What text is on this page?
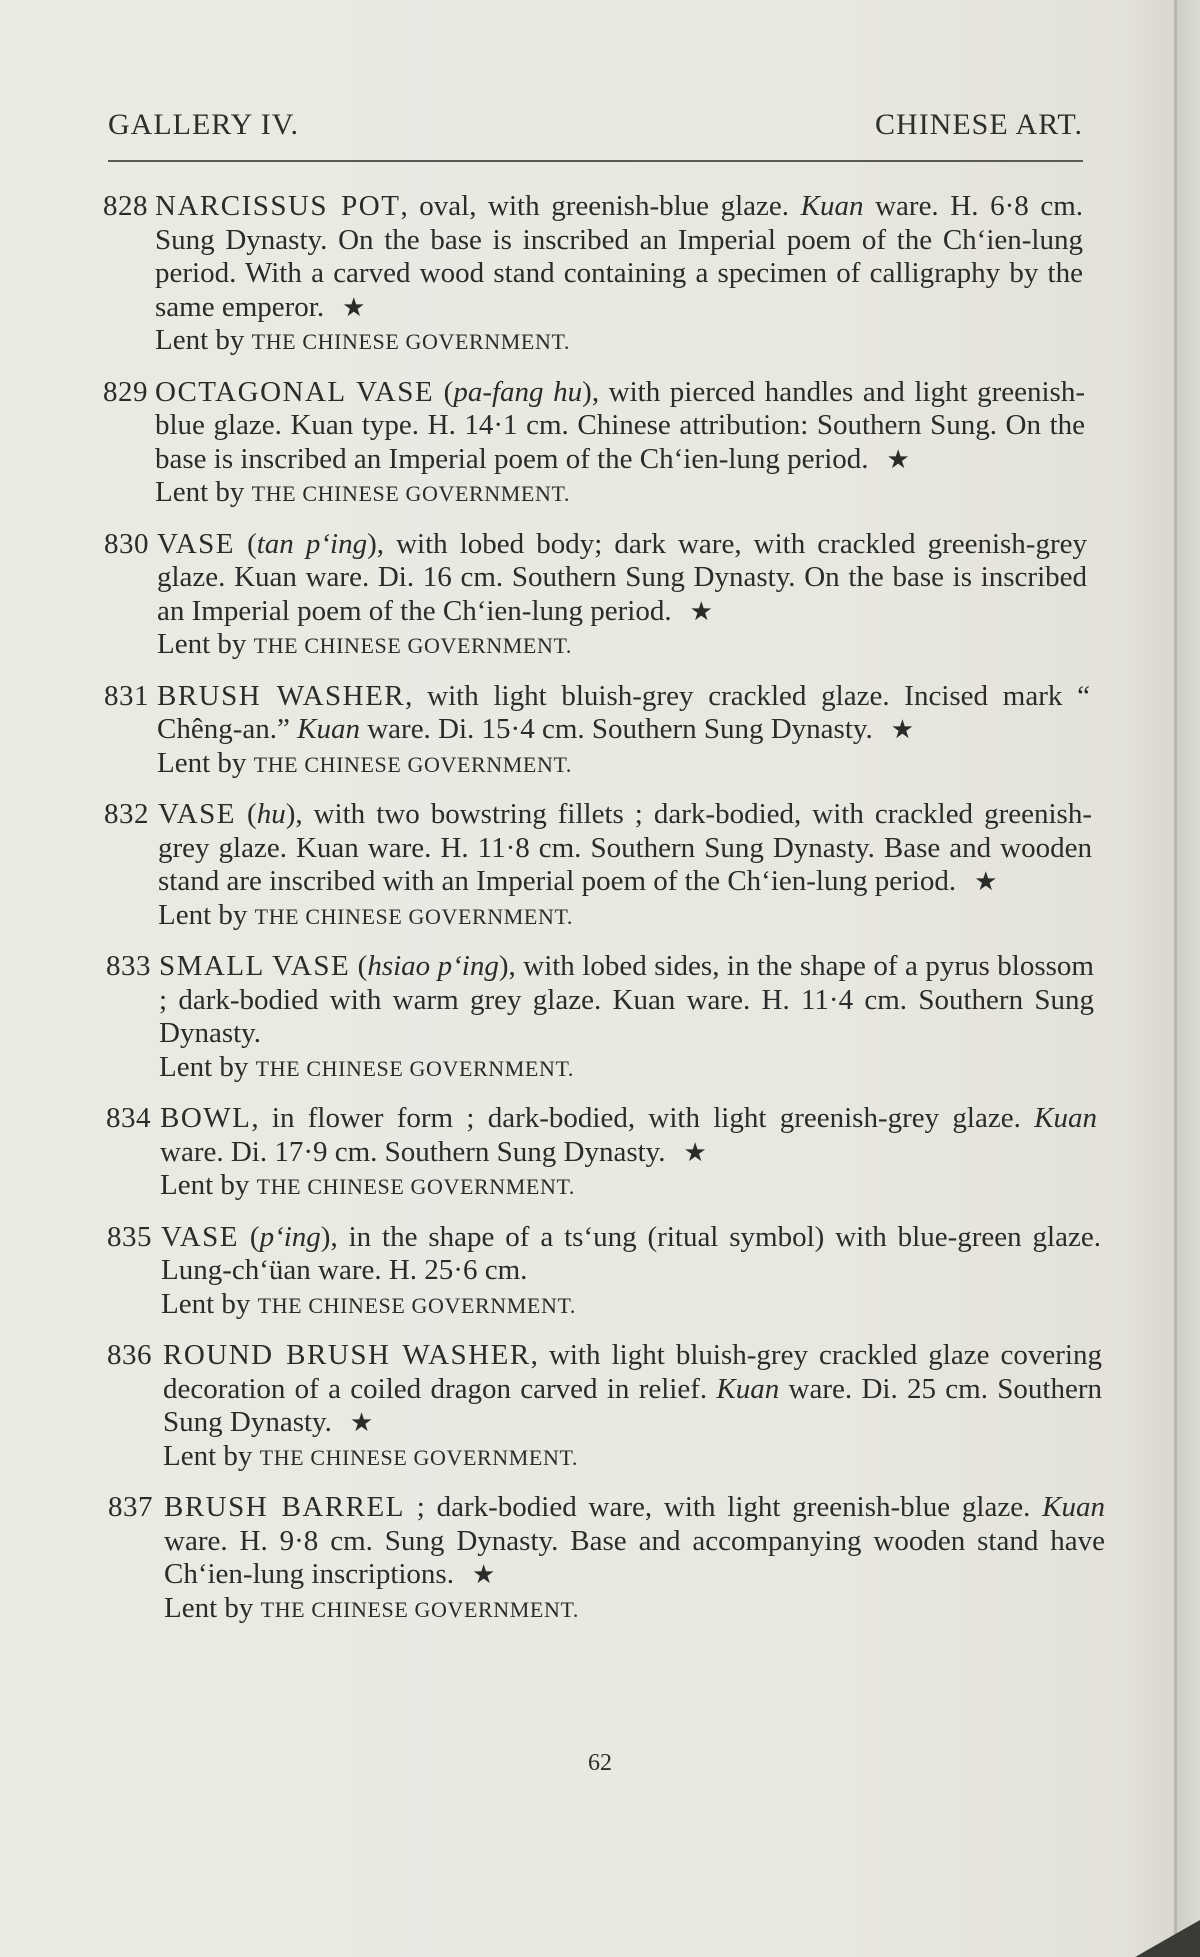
GALLERY IV.	CHINESE ART.
828 NARCISSUS POT, oval, with greenish-blue glaze. Kuan ware. H. 6·8 cm. Sung Dynasty. On the base is inscribed an Imperial poem of the Ch‘ien-lung period. With a carved wood stand containing a specimen of calligraphy by the same emperor. ★
Lent by THE CHINESE GOVERNMENT.
829 OCTAGONAL VASE (pa-fang hu), with pierced handles and light greenish-blue glaze. Kuan type. H. 14·1 cm. Chinese attribution: Southern Sung. On the base is inscribed an Imperial poem of the Ch‘ien-lung period. ★
Lent by THE CHINESE GOVERNMENT.
830 VASE (tan p‘ing), with lobed body; dark ware, with crackled greenish-grey glaze. Kuan ware. Di. 16 cm. Southern Sung Dynasty. On the base is inscribed an Imperial poem of the Ch‘ien-lung period. ★
Lent by THE CHINESE GOVERNMENT.
831 BRUSH WASHER, with light bluish-grey crackled glaze. Incised mark “ Chêng-an.” Kuan ware. Di. 15·4 cm. Southern Sung Dynasty. ★
Lent by THE CHINESE GOVERNMENT.
832 VASE (hu), with two bowstring fillets ; dark-bodied, with crackled greenish-grey glaze. Kuan ware. H. 11·8 cm. Southern Sung Dynasty. Base and wooden stand are inscribed with an Imperial poem of the Ch‘ien-lung period. ★
Lent by THE CHINESE GOVERNMENT.
833 SMALL VASE (hsiao p‘ing), with lobed sides, in the shape of a pyrus blossom ; dark-bodied with warm grey glaze. Kuan ware. H. 11·4 cm. Southern Sung Dynasty.
Lent by THE CHINESE GOVERNMENT.
834 BOWL, in flower form ; dark-bodied, with light greenish-grey glaze. Kuan ware. Di. 17·9 cm. Southern Sung Dynasty. ★
Lent by THE CHINESE GOVERNMENT.
835 VASE (p‘ing), in the shape of a ts‘ung (ritual symbol) with blue-green glaze. Lung-ch‘üan ware. H. 25·6 cm.
Lent by THE CHINESE GOVERNMENT.
836 ROUND BRUSH WASHER, with light bluish-grey crackled glaze covering decoration of a coiled dragon carved in relief. Kuan ware. Di. 25 cm. Southern Sung Dynasty. ★
Lent by THE CHINESE GOVERNMENT.
837 BRUSH BARREL ; dark-bodied ware, with light greenish-blue glaze. Kuan ware. H. 9·8 cm. Sung Dynasty. Base and accompanying wooden stand have Ch‘ien-lung inscriptions. ★
Lent by THE CHINESE GOVERNMENT.
62
